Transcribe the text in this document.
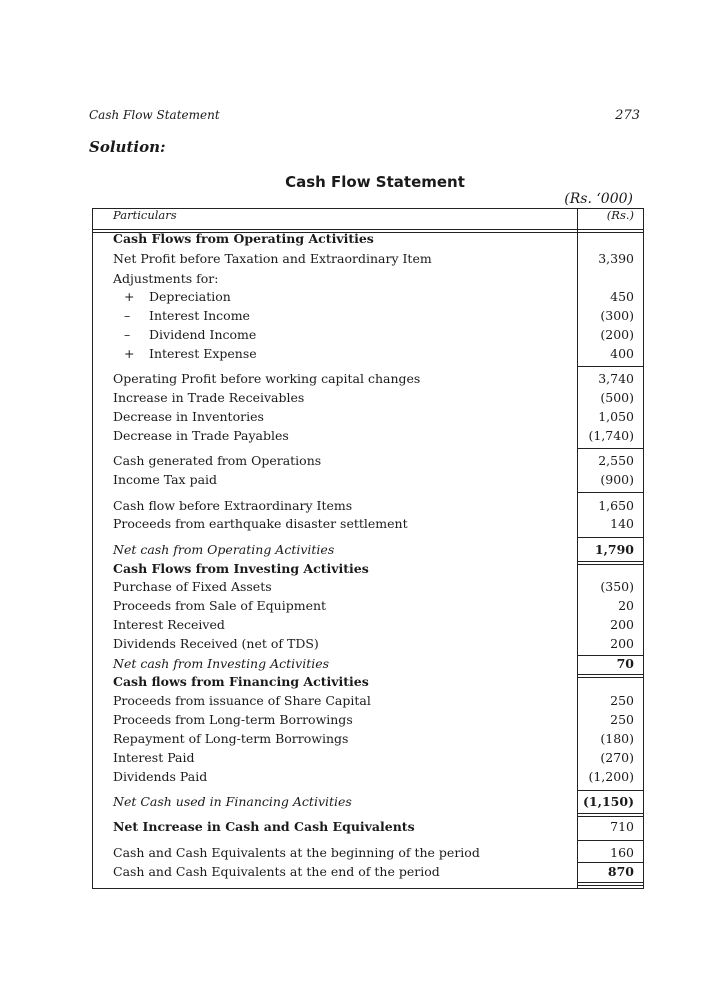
Cash Flow Statement	273
Solution:
Cash Flow Statement
(Rs. ‘000)
Particulars	(Rs.)
Cash Flows from Operating Activities
Net Profit before Taxation and Extraordinary Item	3,390
Adjustments for:
+ Depreciation	450
– Interest Income	(300)
– Dividend Income	(200)
+ Interest Expense	400
Operating Profit before working capital changes	3,740
Increase in Trade Receivables	(500)
Decrease in Inventories	1,050
Decrease in Trade Payables	(1,740)
Cash generated from Operations	2,550
Income Tax paid	(900)
Cash flow before Extraordinary Items	1,650
Proceeds from earthquake disaster settlement	140
Net cash from Operating Activities	1,790
Cash Flows from Investing Activities
Purchase of Fixed Assets	(350)
Proceeds from Sale of Equipment	20
Interest Received	200
Dividends Received (net of TDS)	200
Net cash from Investing Activities	70
Cash flows from Financing Activities
Proceeds from issuance of Share Capital	250
Proceeds from Long-term Borrowings	250
Repayment of Long-term Borrowings	(180)
Interest Paid	(270)
Dividends Paid	(1,200)
Net Cash used in Financing Activities	(1,150)
Net Increase in Cash and Cash Equivalents	710
Cash and Cash Equivalents at the beginning of the period	160
Cash and Cash Equivalents at the end of the period	870
